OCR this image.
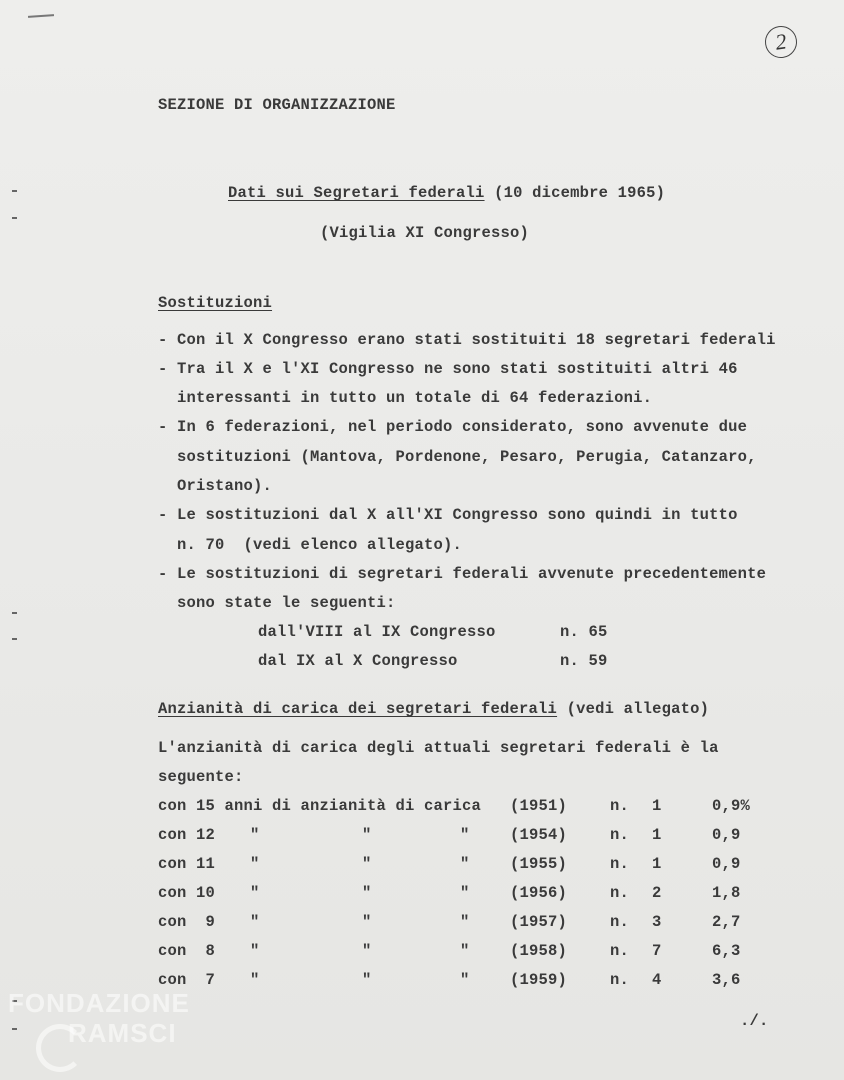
2
SEZIONE DI ORGANIZZAZIONE
Dati sui Segretari federali (10 dicembre 1965)
(Vigilia XI Congresso)
Sostituzioni
- Con il X Congresso erano stati sostituiti 18 segretari federali
- Tra il X e l'XI Congresso ne sono stati sostituiti altri 46
interessanti in tutto un totale di 64 federazioni.
- In 6 federazioni, nel periodo considerato, sono avvenute due
sostituzioni (Mantova, Pordenone, Pesaro, Perugia, Catanzaro,
Oristano).
- Le sostituzioni dal X all'XI Congresso sono quindi in tutto
n. 70  (vedi elenco allegato).
- Le sostituzioni di segretari federali avvenute precedentemente
sono state le seguenti:
dall'VIII al IX Congresso	n. 65
dal IX al X Congresso	n. 59
Anzianità di carica dei segretari federali (vedi allegato)
L'anzianità di carica degli attuali segretari federali è la
seguente:
con 15 anni di anzianità di carica (1951)	n. 1	0,9%
con 12 "	"	"	(1954)	n. 1	0,9
con 11 "	"	"	(1955)	n. 1	0,9
con 10 "	"	"	(1956)	n. 2	1,8
con  9 "	"	"	(1957)	n. 3	2,7
con  8 "	"	"	(1958)	n. 7	6,3
con  7 "	"	"	(1959)	n. 4	3,6
./.
FONDAZIONE
RAMSCI
